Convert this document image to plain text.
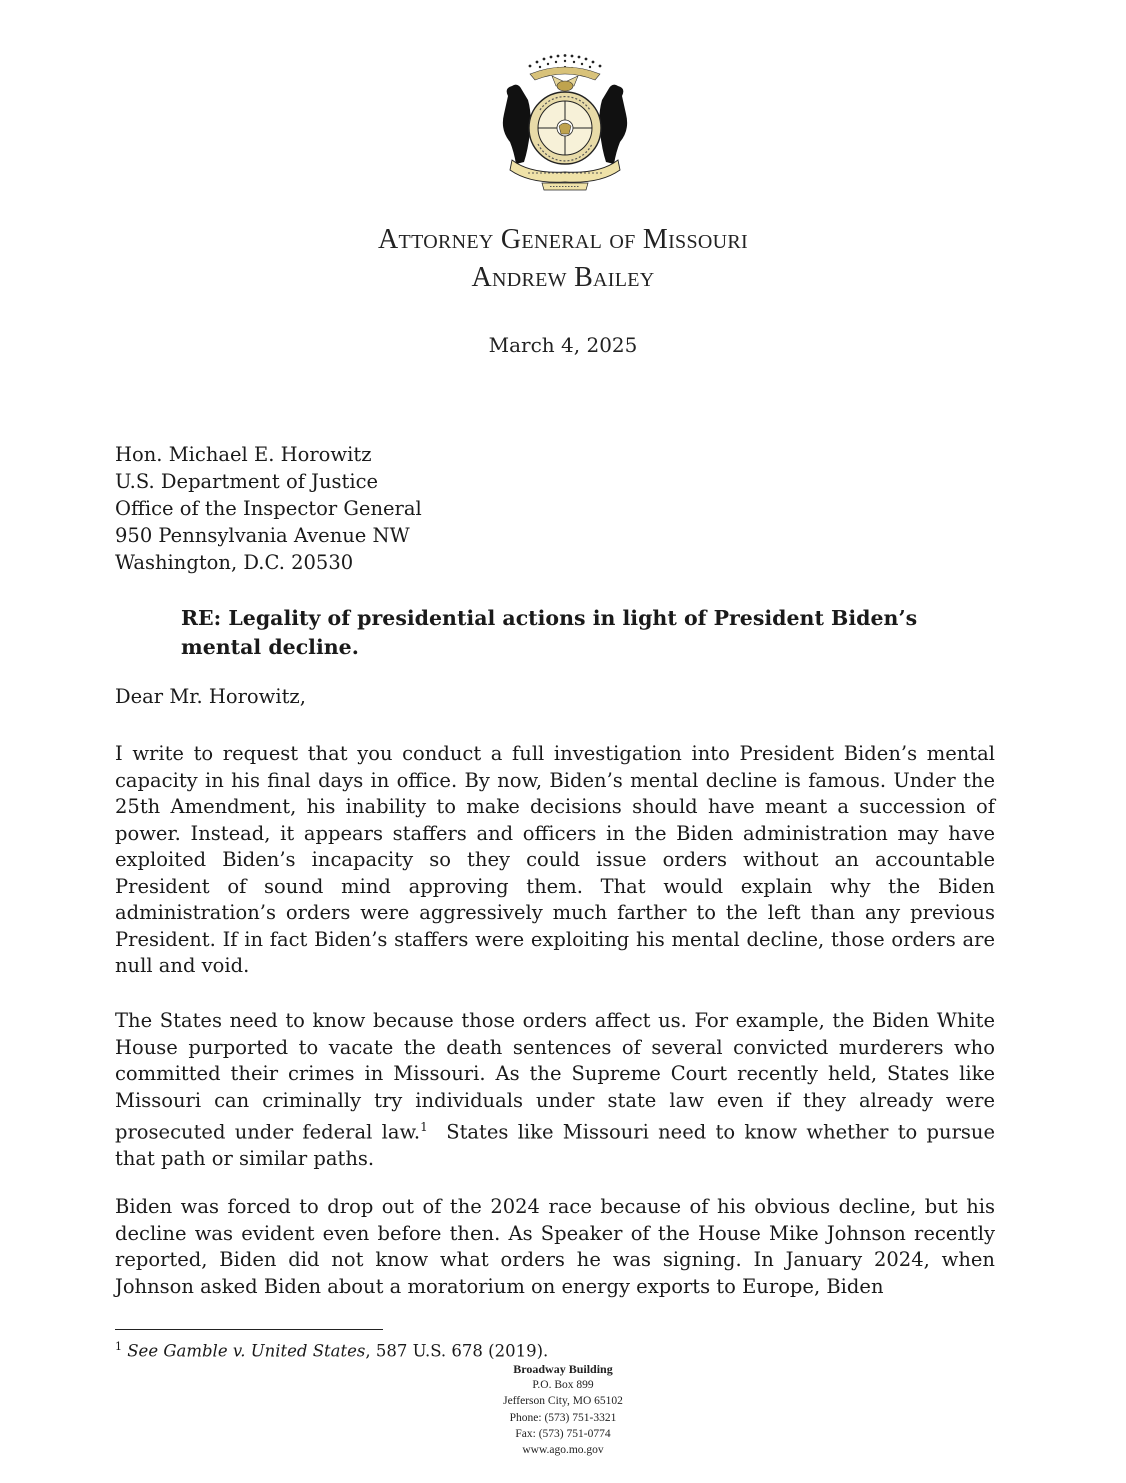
Attorney General of Missouri
Andrew Bailey
March 4, 2025
Hon. Michael E. Horowitz
U.S. Department of Justice
Office of the Inspector General
950 Pennsylvania Avenue NW
Washington, D.C. 20530
RE: Legality of presidential actions in light of President Biden’s mental decline.
Dear Mr. Horowitz,
I write to request that you conduct a full investigation into President Biden’s mental capacity in his final days in office. By now, Biden’s mental decline is famous. Under the 25th Amendment, his inability to make decisions should have meant a succession of power. Instead, it appears staffers and officers in the Biden administration may have exploited Biden’s incapacity so they could issue orders without an accountable President of sound mind approving them. That would explain why the Biden administration’s orders were aggressively much farther to the left than any previous President. If in fact Biden’s staffers were exploiting his mental decline, those orders are null and void.
The States need to know because those orders affect us. For example, the Biden White House purported to vacate the death sentences of several convicted murderers who committed their crimes in Missouri. As the Supreme Court recently held, States like Missouri can criminally try individuals under state law even if they already were prosecuted under federal law.$^1$  States like Missouri need to know whether to pursue that path or similar paths.
Biden was forced to drop out of the 2024 race because of his obvious decline, but his decline was evident even before then. As Speaker of the House Mike Johnson recently reported, Biden did not know what orders he was signing. In January 2024, when Johnson asked Biden about a moratorium on energy exports to Europe, Biden
$^1$ See Gamble v. United States, 587 U.S. 678 (2019).
Broadway Building
P.O. Box 899
Jefferson City, MO 65102
Phone: (573) 751-3321
Fax: (573) 751-0774
www.ago.mo.gov
